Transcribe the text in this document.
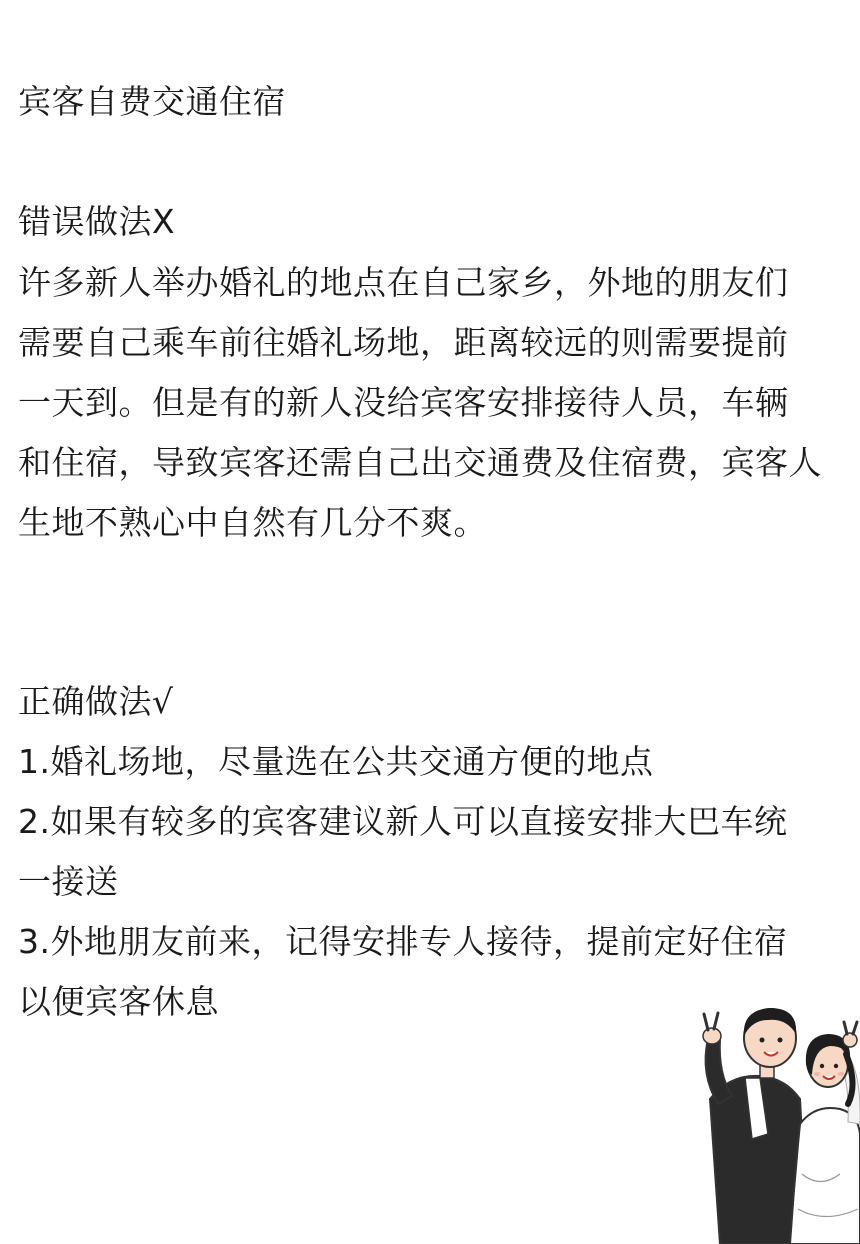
宾客自费交通住宿
错误做法X
许多新人举办婚礼的地点在自己家乡，外地的朋友们
需要自己乘车前往婚礼场地，距离较远的则需要提前
一天到。但是有的新人没给宾客安排接待人员，车辆
和住宿，导致宾客还需自己出交通费及住宿费，宾客人
生地不熟心中自然有几分不爽。
正确做法√
1.婚礼场地，尽量选在公共交通方便的地点
2.如果有较多的宾客建议新人可以直接安排大巴车统
一接送
3.外地朋友前来，记得安排专人接待，提前定好住宿
以便宾客休息
